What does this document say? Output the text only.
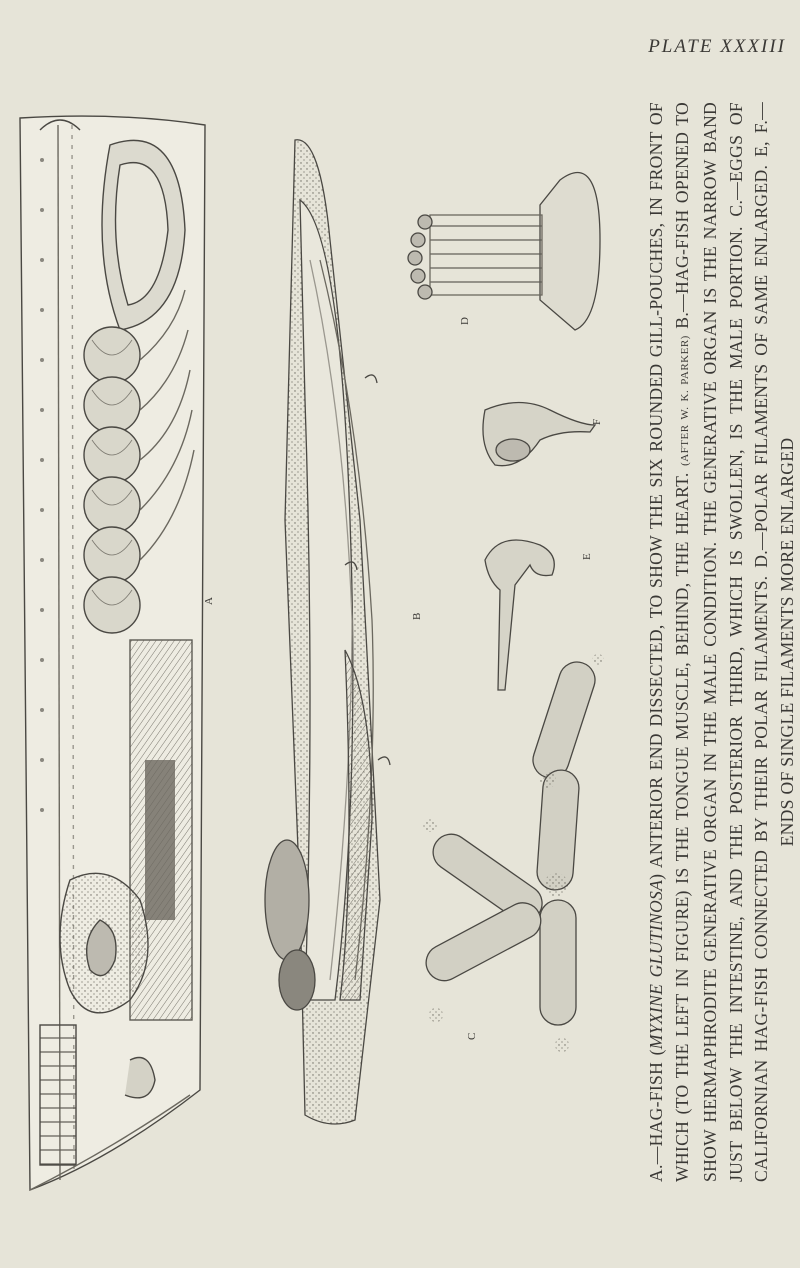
PLATE XXXIII
A
B
C
D
E
F
A.—HAG-FISH (MYXINE GLUTINOSA) ANTERIOR END DISSECTED, TO SHOW THE SIX ROUNDED GILL-POUCHES, IN FRONT OF WHICH (TO THE LEFT IN FIGURE) IS THE TONGUE MUSCLE, BEHIND, THE HEART. (AFTER W. K. PARKER) B.—HAG-FISH OPENED TO SHOW HERMAPHRODITE GENERATIVE ORGAN IN THE MALE CONDITION. THE GENERATIVE ORGAN IS THE NARROW BAND JUST BELOW THE INTESTINE, AND THE POSTERIOR THIRD, WHICH IS SWOLLEN, IS THE MALE PORTION. C.—EGGS OF CALIFORNIAN HAG-FISH CONNECTED BY THEIR POLAR FILAMENTS. D.—POLAR FILAMENTS OF SAME ENLARGED. E, F.—ENDS OF SINGLE FILAMENTS MORE ENLARGED
